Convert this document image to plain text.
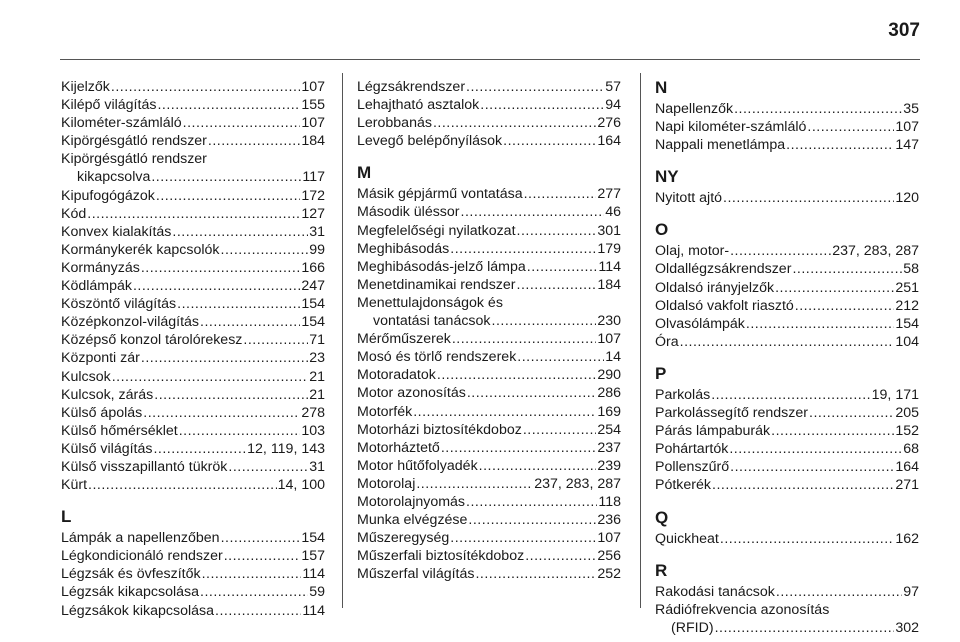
307
Kijelzők .....	107
Kilépő világítás .....	155
Kilométer-számláló .....	107
Kipörgésgátló rendszer .....	184
Kipörgésgátló rendszer
kikapcsolva .....	117
Kipufogógázok .....	172
Kód .....	127
Konvex kialakítás .....	31
Kormánykerék kapcsolók .....	99
Kormányzás .....	166
Ködlámpák .....	247
Köszöntő világítás .....	154
Középkonzol-világítás .....	154
Középső konzol tárolórekesz .....	71
Központi zár .....	23
Kulcsok .....	21
Kulcsok, zárás .....	21
Külső ápolás .....	278
Külső hőmérséklet .....	103
Külső világítás .....	12, 119, 143
Külső visszapillantó tükrök .....	31
Kürt .....	14, 100
L
Lámpák a napellenzőben .....	154
Légkondicionáló rendszer .....	157
Légzsák és övfeszítők .....	114
Légzsák kikapcsolása .....	59
Légzsákok kikapcsolása .....	114
Légzsákrendszer .....	57
Lehajtható asztalok .....	94
Lerobbanás .....	276
Levegő belépőnyílások .....	164
M
Másik gépjármű vontatása .....	277
Második üléssor .....	46
Megfelelőségi nyilatkozat .....	301
Meghibásodás .....	179
Meghibásodás-jelző lámpa .....	114
Menetdinamikai rendszer .....	184
Menettulajdonságok és
vontatási tanácsok .....	230
Mérőműszerek .....	107
Mosó és törlő rendszerek .....	14
Motoradatok .....	290
Motor azonosítás .....	286
Motorfék .....	169
Motorházi biztosítékdoboz .....	254
Motorháztető .....	237
Motor hűtőfolyadék .....	239
Motorolaj .....	237, 283, 287
Motorolajnyomás .....	118
Munka elvégzése .....	236
Műszeregység .....	107
Műszerfali biztosítékdoboz .....	256
Műszerfal világítás .....	252
N
Napellenzők .....	35
Napi kilométer-számláló .....	107
Nappali menetlámpa .....	147
NY
Nyitott ajtó .....	120
O
Olaj, motor- .....	237, 283, 287
Oldallégzsákrendszer .....	58
Oldalsó irányjelzők .....	251
Oldalsó vakfolt riasztó .....	212
Olvasólámpák .....	154
Óra .....	104
P
Parkolás .....	19, 171
Parkolássegítő rendszer .....	205
Párás lámpaburák .....	152
Pohártartók .....	68
Pollenszűrő .....	164
Pótkerék .....	271
Q
Quickheat .....	162
R
Rakodási tanácsok .....	97
Rádiófrekvencia azonosítás
(RFID) .....	302
